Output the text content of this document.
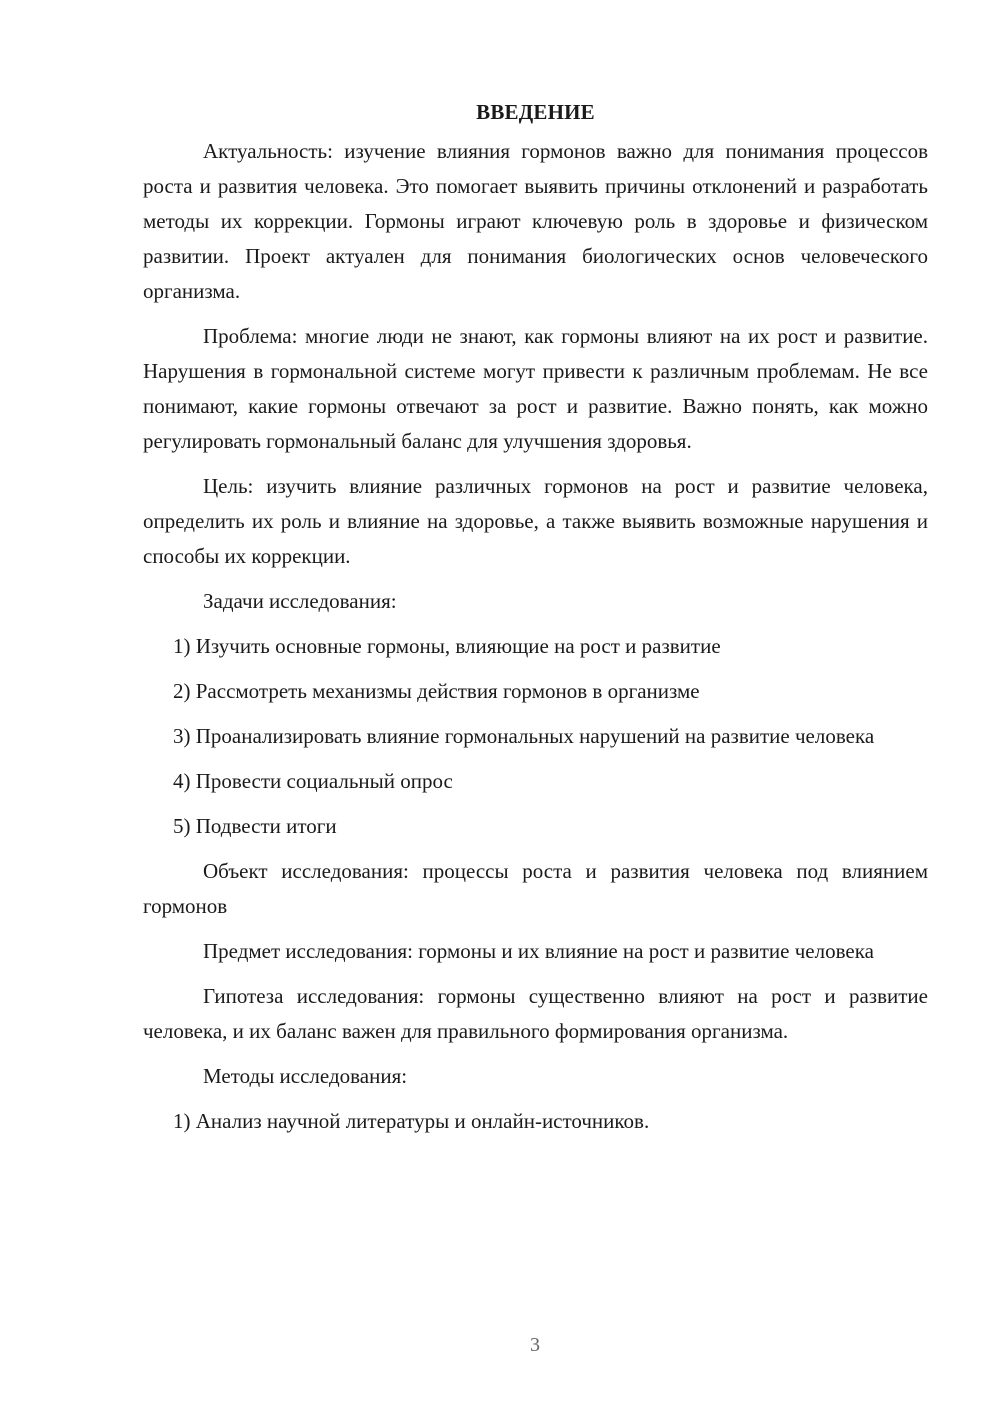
ВВЕДЕНИЕ

Актуальность: изучение влияния гормонов важно для понимания процессов роста и развития человека. Это помогает выявить причины отклонений и разработать методы их коррекции. Гормоны играют ключевую роль в здоровье и физическом развитии. Проект актуален для понимания биологических основ человеческого организма.

Проблема: многие люди не знают, как гормоны влияют на их рост и развитие. Нарушения в гормональной системе могут привести к различным проблемам. Не все понимают, какие гормоны отвечают за рост и развитие. Важно понять, как можно регулировать гормональный баланс для улучшения здоровья.

Цель: изучить влияние различных гормонов на рост и развитие человека, определить их роль и влияние на здоровье, а также выявить возможные нарушения и способы их коррекции.

Задачи исследования:

1) Изучить основные гормоны, влияющие на рост и развитие

2) Рассмотреть механизмы действия гормонов в организме

3) Проанализировать влияние гормональных нарушений на развитие человека

4) Провести социальный опрос

5) Подвести итоги

Объект исследования: процессы роста и развития человека под влиянием гормонов

Предмет исследования: гормоны и их влияние на рост и развитие человека

Гипотеза исследования: гормоны существенно влияют на рост и развитие человека, и их баланс важен для правильного формирования организма.

Методы исследования:

1) Анализ научной литературы и онлайн-источников.

3
